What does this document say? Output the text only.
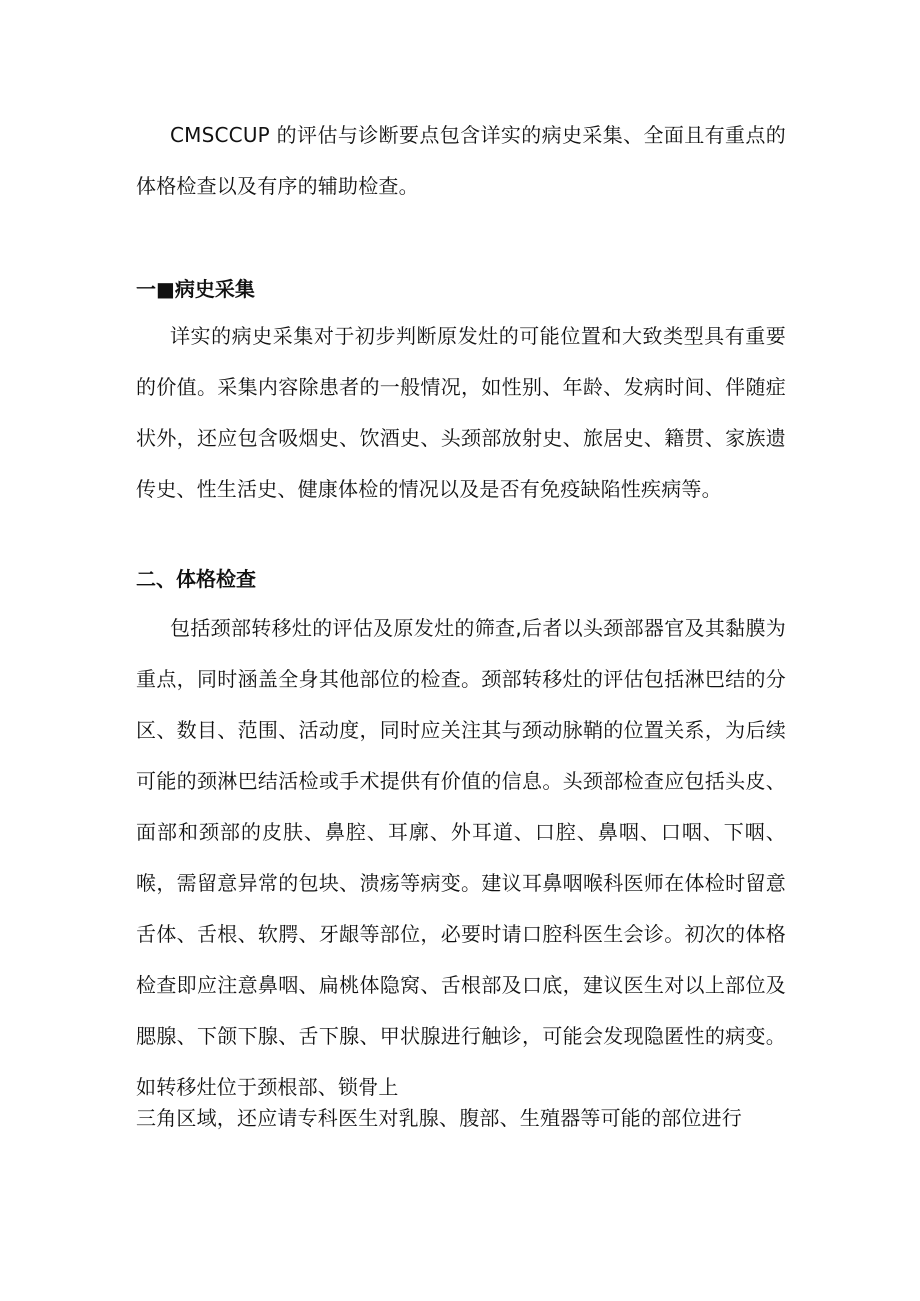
CMSCCUP 的评估与诊断要点包含详实的病史采集、全面且有重点的体格检查以及有序的辅助检查。

一■病史采集

详实的病史采集对于初步判断原发灶的可能位置和大致类型具有重要的价值。采集内容除患者的一般情况，如性别、年龄、发病时间、伴随症状外，还应包含吸烟史、饮酒史、头颈部放射史、旅居史、籍贯、家族遗传史、性生活史、健康体检的情况以及是否有免疫缺陷性疾病等。

二、体格检查

包括颈部转移灶的评估及原发灶的筛查,后者以头颈部器官及其黏膜为重点，同时涵盖全身其他部位的检查。颈部转移灶的评估包括淋巴结的分区、数目、范围、活动度，同时应关注其与颈动脉鞘的位置关系，为后续可能的颈淋巴结活检或手术提供有价值的信息。头颈部检查应包括头皮、面部和颈部的皮肤、鼻腔、耳廓、外耳道、口腔、鼻咽、口咽、下咽、喉，需留意异常的包块、溃疡等病变。建议耳鼻咽喉科医师在体检时留意舌体、舌根、软腭、牙龈等部位，必要时请口腔科医生会诊。初次的体格检查即应注意鼻咽、扁桃体隐窝、舌根部及口底，建议医生对以上部位及腮腺、下颌下腺、舌下腺、甲状腺进行触诊，可能会发现隐匿性的病变。如转移灶位于颈根部、锁骨上

三角区域，还应请专科医生对乳腺、腹部、生殖器等可能的部位进行
